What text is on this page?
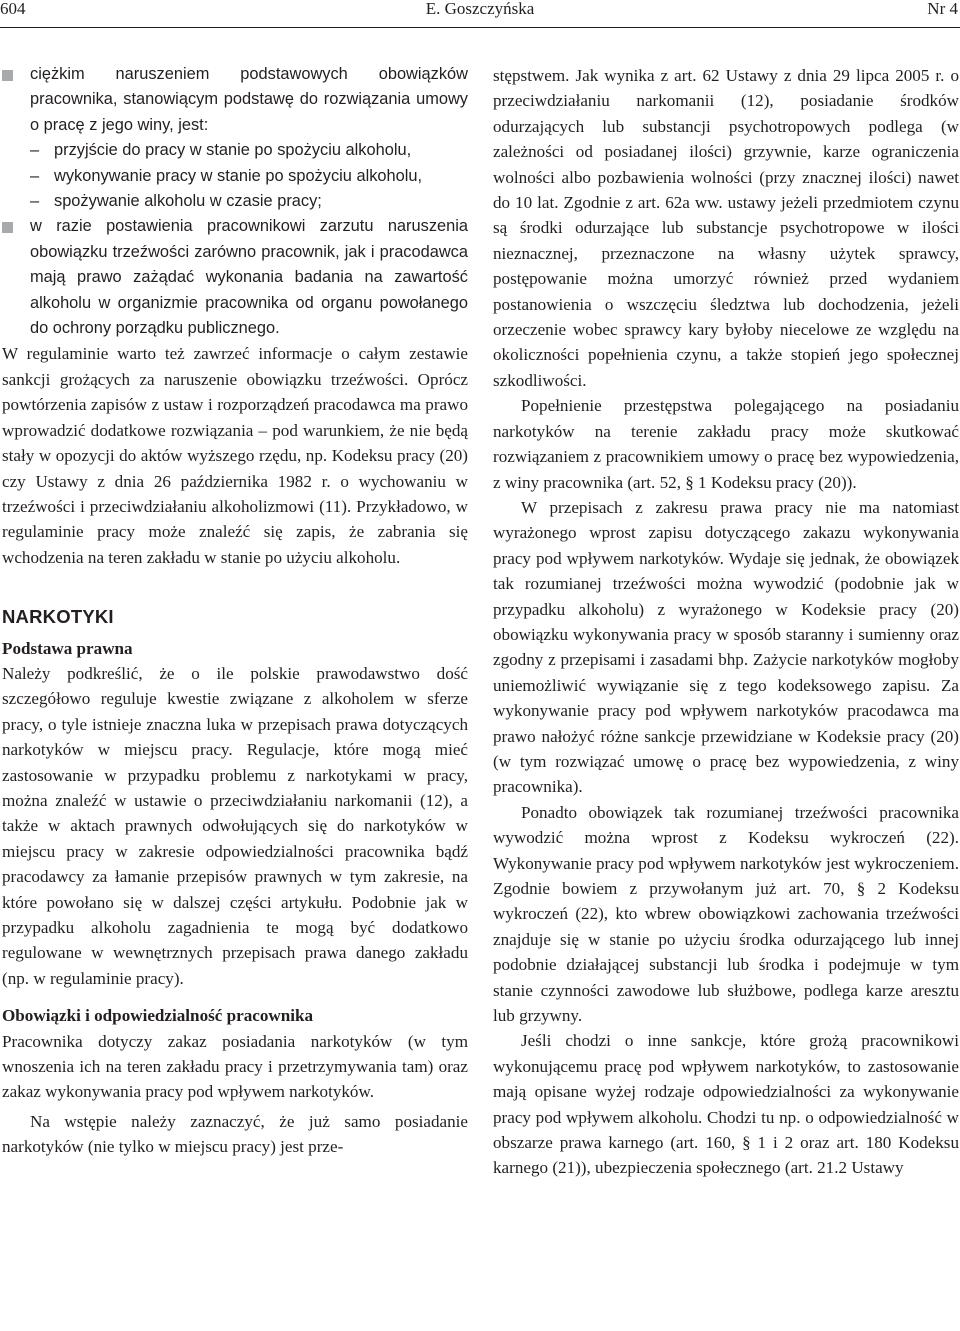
604	E. Goszczyńska	Nr 4
ciężkim naruszeniem podstawowych obowiązków pracownika, stanowiącym podstawę do rozwiązania umowy o pracę z jego winy, jest:
– przyjście do pracy w stanie po spożyciu alkoholu,
– wykonywanie pracy w stanie po spożyciu alkoholu,
– spożywanie alkoholu w czasie pracy;
w razie postawienia pracownikowi zarzutu naruszenia obowiązku trzeźwości zarówno pracownik, jak i pracodawca mają prawo zażądać wykonania badania na zawartość alkoholu w organizmie pracownika od organu powołanego do ochrony porządku publicznego.

W regulaminie warto też zawrzeć informacje o całym zestawie sankcji grożących za naruszenie obowiązku trzeźwości. Oprócz powtórzenia zapisów z ustaw i rozporządzeń pracodawca ma prawo wprowadzić dodatkowe rozwiązania – pod warunkiem, że nie będą stały w opozycji do aktów wyższego rzędu, np. Kodeksu pracy (20) czy Ustawy z dnia 26 października 1982 r. o wychowaniu w trzeźwości i przeciwdziałaniu alkoholizmowi (11). Przykładowo, w regulaminie pracy może znaleźć się zapis, że zabrania się wchodzenia na teren zakładu w stanie po użyciu alkoholu.

NARKOTYKI

Podstawa prawna

Należy podkreślić, że o ile polskie prawodawstwo dość szczegółowo reguluje kwestie związane z alkoholem w sferze pracy, o tyle istnieje znaczna luka w przepisach prawa dotyczących narkotyków w miejscu pracy. Regulacje, które mogą mieć zastosowanie w przypadku problemu z narkotykami w pracy, można znaleźć w ustawie o przeciwdziałaniu narkomanii (12), a także w aktach prawnych odwołujących się do narkotyków w miejscu pracy w zakresie odpowiedzialności pracownika bądź pracodawcy za łamanie przepisów prawnych w tym zakresie, na które powołano się w dalszej części artykułu. Podobnie jak w przypadku alkoholu zagadnienia te mogą być dodatkowo regulowane w wewnętrznych przepisach prawa danego zakładu (np. w regulaminie pracy).

Obowiązki i odpowiedzialność pracownika

Pracownika dotyczy zakaz posiadania narkotyków (w tym wnoszenia ich na teren zakładu pracy i przetrzymywania tam) oraz zakaz wykonywania pracy pod wpływem narkotyków.

Na wstępie należy zaznaczyć, że już samo posiadanie narkotyków (nie tylko w miejscu pracy) jest prze-

stępstwem. Jak wynika z art. 62 Ustawy z dnia 29 lipca 2005 r. o przeciwdziałaniu narkomanii (12), posiadanie środków odurzających lub substancji psychotropowych podlega (w zależności od posiadanej ilości) grzywnie, karze ograniczenia wolności albo pozbawienia wolności (przy znacznej ilości) nawet do 10 lat. Zgodnie z art. 62a ww. ustawy jeżeli przedmiotem czynu są środki odurzające lub substancje psychotropowe w ilości nieznacznej, przeznaczone na własny użytek sprawcy, postępowanie można umorzyć również przed wydaniem postanowienia o wszczęciu śledztwa lub dochodzenia, jeżeli orzeczenie wobec sprawcy kary byłoby niecelowe ze względu na okoliczności popełnienia czynu, a także stopień jego społecznej szkodliwości.

Popełnienie przestępstwa polegającego na posiadaniu narkotyków na terenie zakładu pracy może skutkować rozwiązaniem z pracownikiem umowy o pracę bez wypowiedzenia, z winy pracownika (art. 52, § 1 Kodeksu pracy (20)).

W przepisach z zakresu prawa pracy nie ma natomiast wyrażonego wprost zapisu dotyczącego zakazu wykonywania pracy pod wpływem narkotyków. Wydaje się jednak, że obowiązek tak rozumianej trzeźwości można wywodzić (podobnie jak w przypadku alkoholu) z wyrażonego w Kodeksie pracy (20) obowiązku wykonywania pracy w sposób staranny i sumienny oraz zgodny z przepisami i zasadami bhp. Zażycie narkotyków mogłoby uniemożliwić wywiązanie się z tego kodeksowego zapisu. Za wykonywanie pracy pod wpływem narkotyków pracodawca ma prawo nałożyć różne sankcje przewidziane w Kodeksie pracy (20) (w tym rozwiązać umowę o pracę bez wypowiedzenia, z winy pracownika).

Ponadto obowiązek tak rozumianej trzeźwości pracownika wywodzić można wprost z Kodeksu wykroczeń (22). Wykonywanie pracy pod wpływem narkotyków jest wykroczeniem. Zgodnie bowiem z przywołanym już art. 70, § 2 Kodeksu wykroczeń (22), kto wbrew obowiązkowi zachowania trzeźwości znajduje się w stanie po użyciu środka odurzającego lub innej podobnie działającej substancji lub środka i podejmuje w tym stanie czynności zawodowe lub służbowe, podlega karze aresztu lub grzywny.

Jeśli chodzi o inne sankcje, które grożą pracownikowi wykonującemu pracę pod wpływem narkotyków, to zastosowanie mają opisane wyżej rodzaje odpowiedzialności za wykonywanie pracy pod wpływem alkoholu. Chodzi tu np. o odpowiedzialność w obszarze prawa karnego (art. 160, § 1 i 2 oraz art. 180 Kodeksu karnego (21)), ubezpieczenia społecznego (art. 21.2 Ustawy
